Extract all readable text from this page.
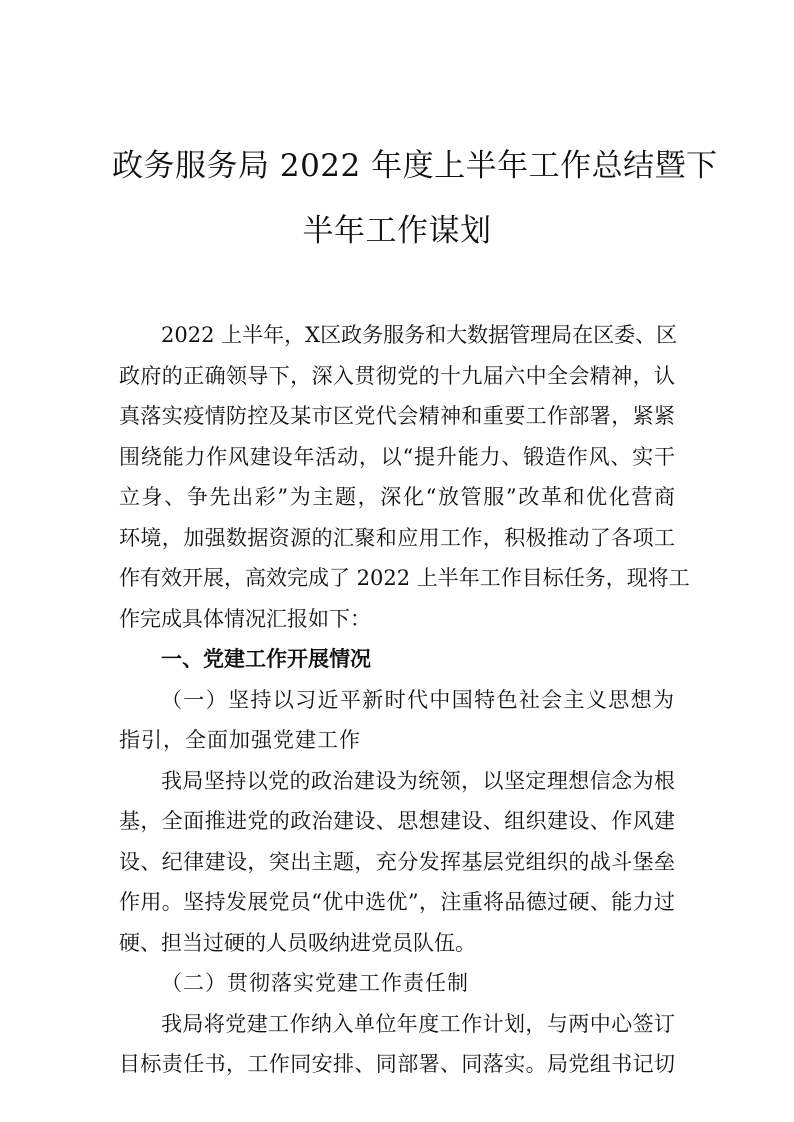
政务服务局 2022 年度上半年工作总结暨下
半年工作谋划
2022 上半年，X区政务服务和大数据管理局在区委、区
政府的正确领导下，深入贯彻党的十九届六中全会精神，认
真落实疫情防控及某市区党代会精神和重要工作部署，紧紧
围绕能力作风建设年活动，以“提升能力、锻造作风、实干
立身、争先出彩”为主题，深化“放管服”改革和优化营商
环境，加强数据资源的汇聚和应用工作，积极推动了各项工
作有效开展，高效完成了 2022 上半年工作目标任务，现将工
作完成具体情况汇报如下：
一、党建工作开展情况
（一）坚持以习近平新时代中国特色社会主义思想为
指引，全面加强党建工作
我局坚持以党的政治建设为统领，以坚定理想信念为根
基，全面推进党的政治建设、思想建设、组织建设、作风建
设、纪律建设，突出主题，充分发挥基层党组织的战斗堡垒
作用。坚持发展党员“优中选优”，注重将品德过硬、能力过
硬、担当过硬的人员吸纳进党员队伍。
（二）贯彻落实党建工作责任制
我局将党建工作纳入单位年度工作计划，与两中心签订
目标责任书，工作同安排、同部署、同落实。局党组书记切
